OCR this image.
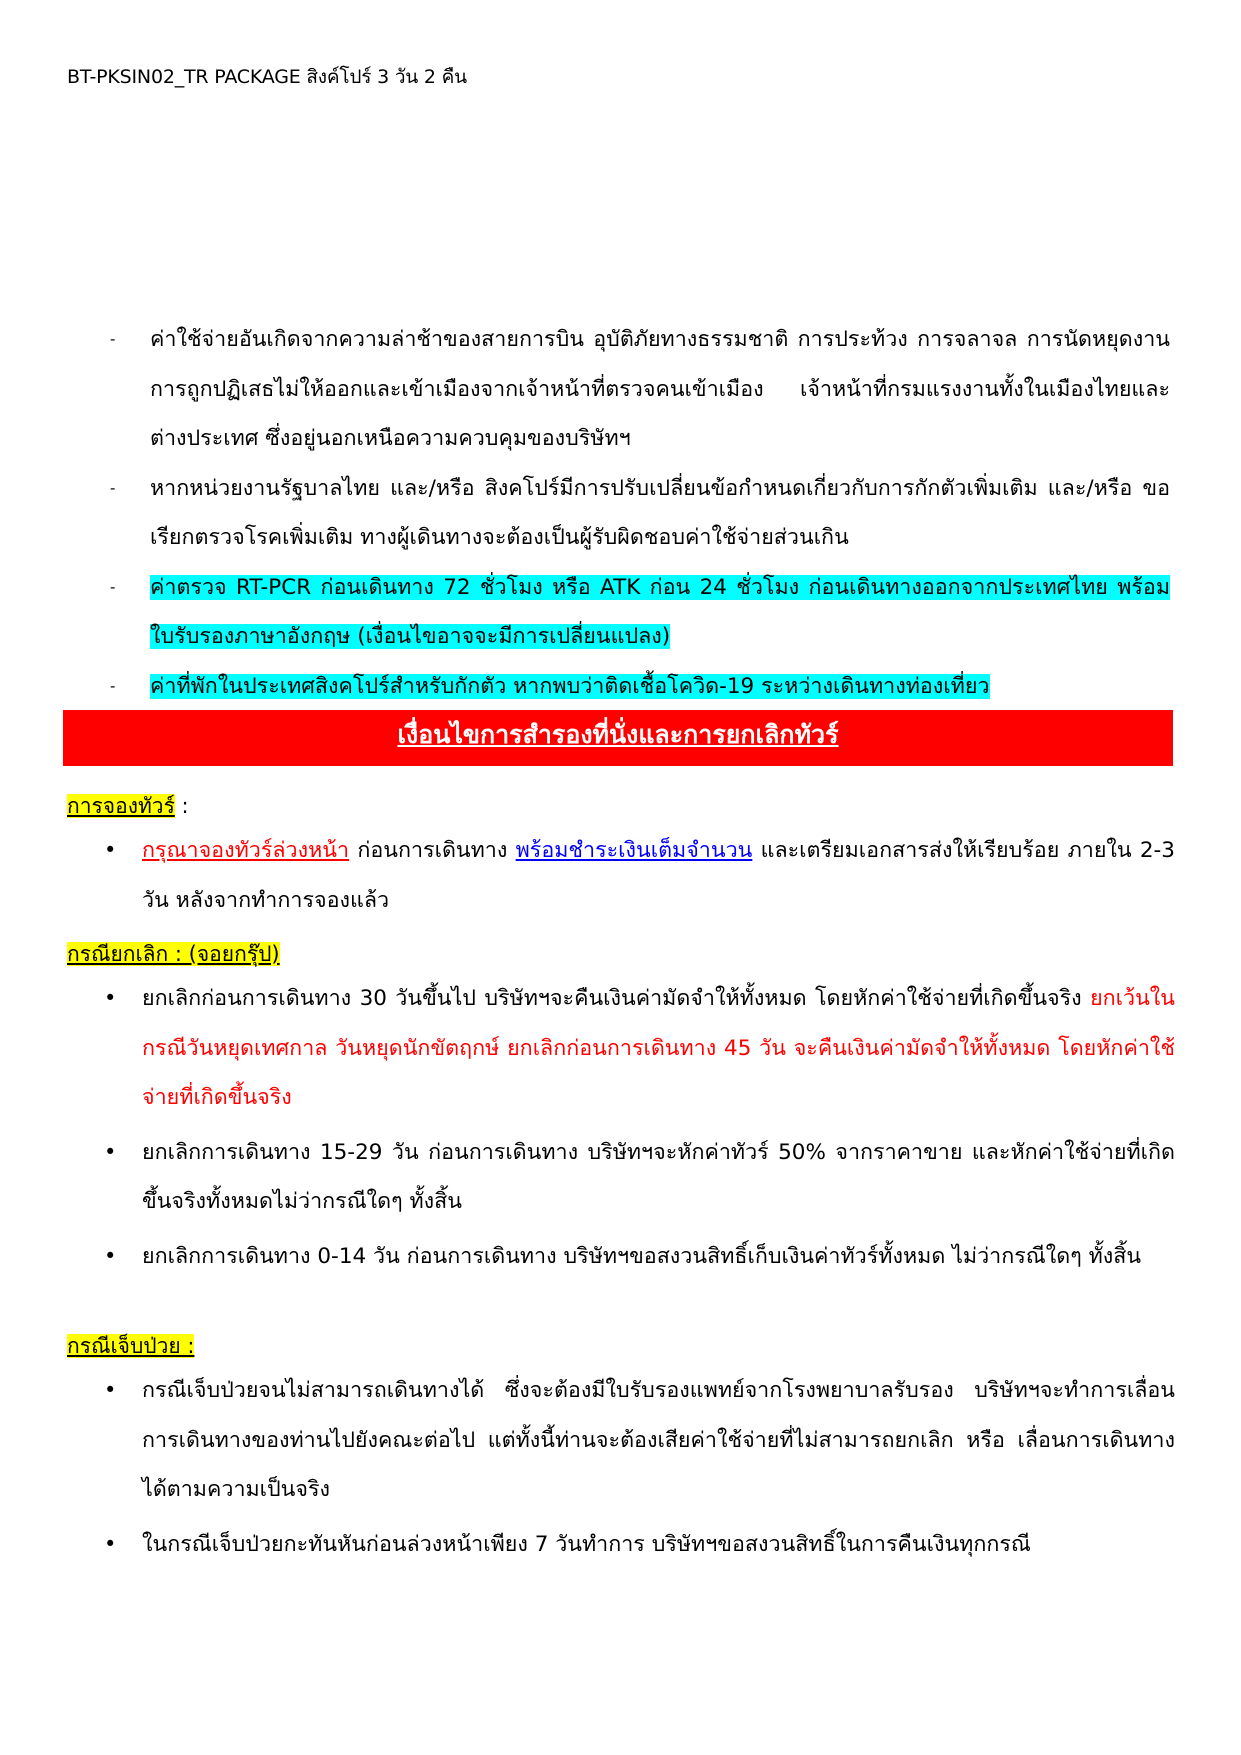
BT-PKSIN02_TR PACKAGE สิงค์โปร์ 3 วัน 2 คืน
- ค่าใช้จ่ายอันเกิดจากความล่าช้าของสายการบิน อุบัติภัยทางธรรมชาติ การประท้วง การจลาจล การนัดหยุดงาน การถูกปฏิเสธไม่ให้ออกและเข้าเมืองจากเจ้าหน้าที่ตรวจคนเข้าเมือง เจ้าหน้าที่กรมแรงงานทั้งในเมืองไทยและต่างประเทศ ซึ่งอยู่นอกเหนือความควบคุมของบริษัทฯ
- หากหน่วยงานรัฐบาลไทย และ/หรือ สิงคโปร์มีการปรับเปลี่ยนข้อกำหนดเกี่ยวกับการกักตัวเพิ่มเติม และ/หรือ ขอเรียกตรวจโรคเพิ่มเติม ทางผู้เดินทางจะต้องเป็นผู้รับผิดชอบค่าใช้จ่ายส่วนเกิน
- ค่าตรวจ RT-PCR ก่อนเดินทาง 72 ชั่วโมง หรือ ATK ก่อน 24 ชั่วโมง ก่อนเดินทางออกจากประเทศไทย พร้อมใบรับรองภาษาอังกฤษ (เงื่อนไขอาจจะมีการเปลี่ยนแปลง)
- ค่าที่พักในประเทศสิงคโปร์สำหรับกักตัว หากพบว่าติดเชื้อโควิด-19 ระหว่างเดินทางท่องเที่ยว
เงื่อนไขการสำรองที่นั่งและการยกเลิกทัวร์
การจองทัวร์ :
• กรุณาจองทัวร์ล่วงหน้า ก่อนการเดินทาง พร้อมชำระเงินเต็มจำนวน และเตรียมเอกสารส่งให้เรียบร้อย ภายใน 2-3 วัน หลังจากทำการจองแล้ว
กรณียกเลิก : (จอยกรุ๊ป)
• ยกเลิกก่อนการเดินทาง 30 วันขึ้นไป บริษัทฯจะคืนเงินค่ามัดจำให้ทั้งหมด โดยหักค่าใช้จ่ายที่เกิดขึ้นจริง ยกเว้นในกรณีวันหยุดเทศกาล วันหยุดนักขัตฤกษ์ ยกเลิกก่อนการเดินทาง 45 วัน จะคืนเงินค่ามัดจำให้ทั้งหมด โดยหักค่าใช้จ่ายที่เกิดขึ้นจริง
• ยกเลิกการเดินทาง 15-29 วัน ก่อนการเดินทาง บริษัทฯจะหักค่าทัวร์ 50% จากราคาขาย และหักค่าใช้จ่ายที่เกิดขึ้นจริงทั้งหมดไม่ว่ากรณีใดๆ ทั้งสิ้น
• ยกเลิกการเดินทาง 0-14 วัน ก่อนการเดินทาง บริษัทฯขอสงวนสิทธิ์เก็บเงินค่าทัวร์ทั้งหมด ไม่ว่ากรณีใดๆ ทั้งสิ้น
กรณีเจ็บป่วย :
• กรณีเจ็บป่วยจนไม่สามารถเดินทางได้ ซึ่งจะต้องมีใบรับรองแพทย์จากโรงพยาบาลรับรอง บริษัทฯจะทำการเลื่อนการเดินทางของท่านไปยังคณะต่อไป แต่ทั้งนี้ท่านจะต้องเสียค่าใช้จ่ายที่ไม่สามารถยกเลิก หรือ เลื่อนการเดินทางได้ตามความเป็นจริง
• ในกรณีเจ็บป่วยกะทันหันก่อนล่วงหน้าเพียง 7 วันทำการ บริษัทฯขอสงวนสิทธิ์ในการคืนเงินทุกกรณี
